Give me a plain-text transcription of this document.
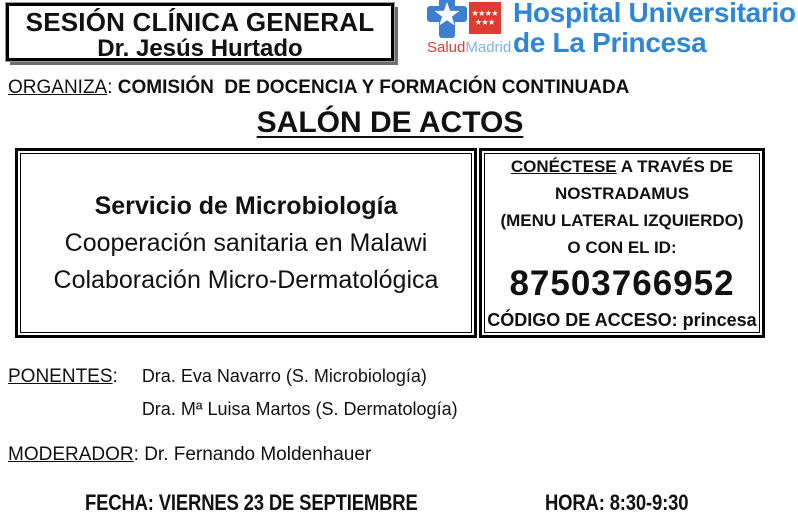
SESIÓN CLÍNICA GENERAL
Dr. Jesús Hurtado	SaludMadrid
Hospital Universitario
de La Princesa
ORGANIZA: COMISIÓN  DE DOCENCIA Y FORMACIÓN CONTINUADA
SALÓN DE ACTOS
Servicio de Microbiología
Cooperación sanitaria en Malawi
Colaboración Micro-Dermatológica
CONÉCTESE A TRAVÉS DE
NOSTRADAMUS
(MENU LATERAL IZQUIERDO)
O CON EL ID:
87503766952
CÓDIGO DE ACCESO: princesa
PONENTES: Dra. Eva Navarro (S. Microbiología)
Dra. Mª Luisa Martos (S. Dermatología)
MODERADOR: Dr. Fernando Moldenhauer
FECHA: VIERNES 23 DE SEPTIEMBRE	HORA: 8:30-9:30
